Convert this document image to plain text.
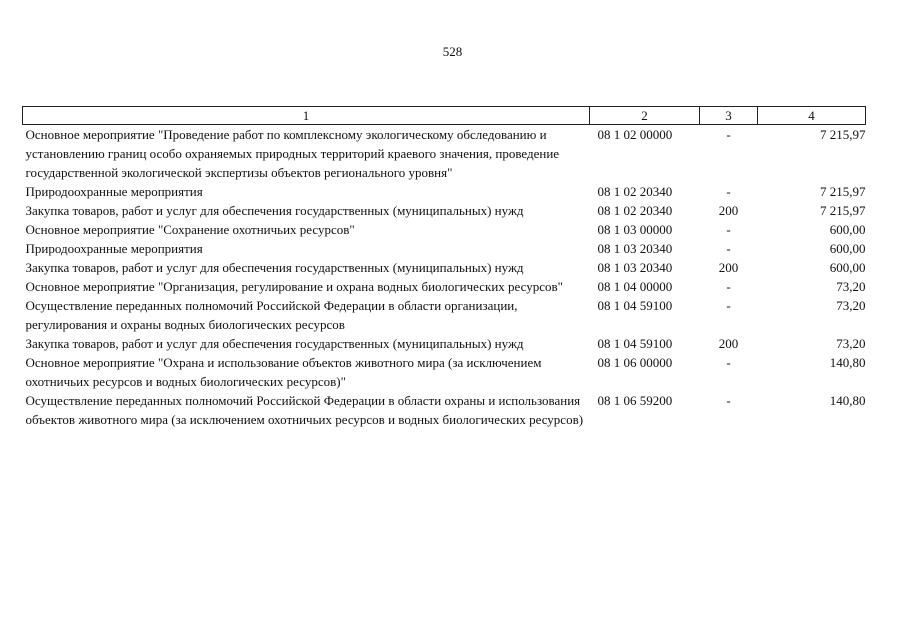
528
1	2	3	4
Основное мероприятие "Проведение работ по комплексному экологическому обследованию и установлению границ особо охраняемых природных территорий краевого значения, проведение государственной экологической экспертизы объектов регионального уровня"	08 1 02 00000	-	7 215,97
Природоохранные мероприятия	08 1 02 20340	-	7 215,97
Закупка товаров, работ и услуг для обеспечения государственных (муниципальных) нужд	08 1 02 20340	200	7 215,97
Основное мероприятие "Сохранение охотничьих ресурсов"	08 1 03 00000	-	600,00
Природоохранные мероприятия	08 1 03 20340	-	600,00
Закупка товаров, работ и услуг для обеспечения государственных (муниципальных) нужд	08 1 03 20340	200	600,00
Основное мероприятие "Организация, регулирование и охрана водных биологических ресурсов"	08 1 04 00000	-	73,20
Осуществление переданных полномочий Российской Федерации в области организации, регулирования и охраны водных биологических ресурсов	08 1 04 59100	-	73,20
Закупка товаров, работ и услуг для обеспечения государственных (муниципальных) нужд	08 1 04 59100	200	73,20
Основное мероприятие "Охрана и использование объектов животного мира (за исключением охотничьих ресурсов и водных биологических ресурсов)"	08 1 06 00000	-	140,80
Осуществление переданных полномочий Российской Федерации в области охраны и использования объектов животного мира (за исключением охотничьих ресурсов и водных биологических ресурсов)	08 1 06 59200	-	140,80
